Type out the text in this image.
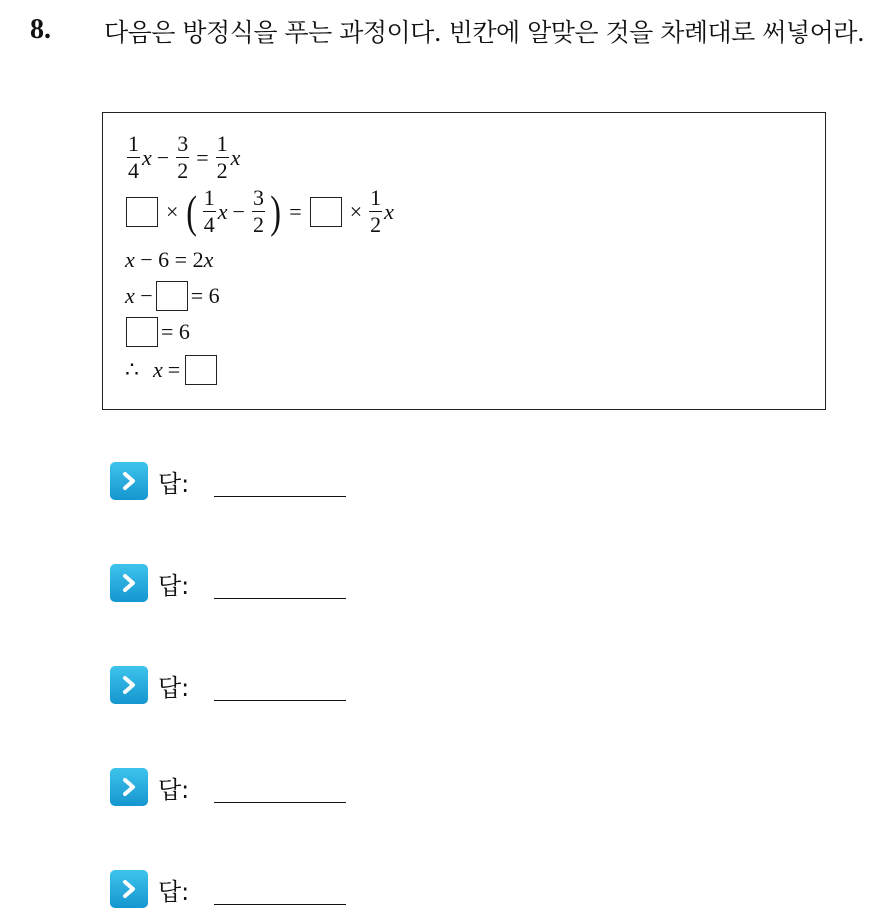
8. 다음은 방정식을 푸는 과정이다. 빈칸에 알맞은 것을 차례대로 써넣어라.
$\frac{1}{4}$ $x - \frac{3}{2} = \frac{1}{2}$ x
× ( $\frac{1}{4}$ $x - \frac{3}{2}$ ) = × $\frac{1}{2}$ x
x − 6 = 2 x
x − = 6
= 6
∴ x =
답:
답:
답:
답:
답:
